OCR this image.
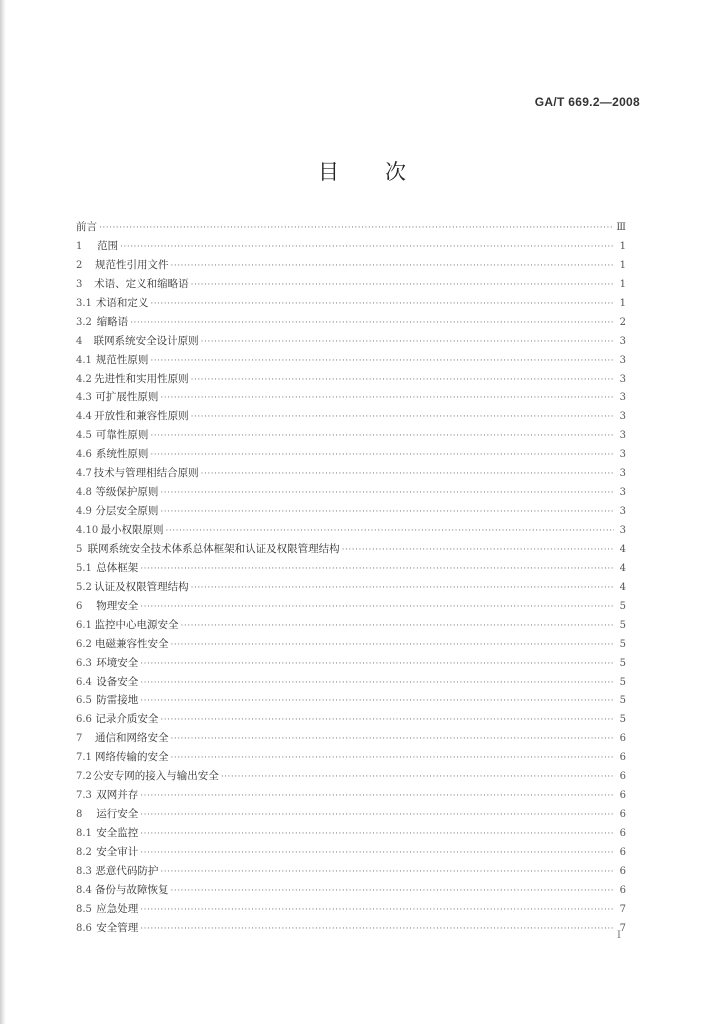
GA/T 669.2—2008
目 次
前言 ·····	Ⅲ
1	范围 ·····	1
2	规范性引用文件 ·····	1
3	术语、定义和缩略语 ·····	1
3.1 术语和定义 ·····	1
3.2 缩略语 ·····	2
4	联网系统安全设计原则 ·····	3
4.1 规范性原则 ·····	3
4.2 先进性和实用性原则 ·····	3
4.3 可扩展性原则 ·····	3
4.4 开放性和兼容性原则 ·····	3
4.5 可靠性原则 ·····	3
4.6 系统性原则 ·····	3
4.7 技术与管理相结合原则 ·····	3
4.8 等级保护原则 ·····	3
4.9 分层安全原则 ·····	3
4.10 最小权限原则 ·····	3
5 联网系统安全技术体系总体框架和认证及权限管理结构 ·····	4
5.1 总体框架 ·····	4
5.2 认证及权限管理结构 ·····	4
6	物理安全 ·····	5
6.1 监控中心电源安全 ·····	5
6.2 电磁兼容性安全 ·····	5
6.3 环境安全 ·····	5
6.4 设备安全 ·····	5
6.5 防雷接地 ·····	5
6.6 记录介质安全 ·····	5
7	通信和网络安全 ·····	6
7.1 网络传输的安全 ·····	6
7.2 公安专网的接入与输出安全 ·····	6
7.3 双网并存 ·····	6
8	运行安全 ·····	6
8.1 安全监控 ·····	6
8.2 安全审计 ·····	6
8.3 恶意代码防护 ·····	6
8.4 备份与故障恢复 ·····	6
8.5 应急处理 ·····	7
8.6 安全管理 ·····	7
Ⅰ
